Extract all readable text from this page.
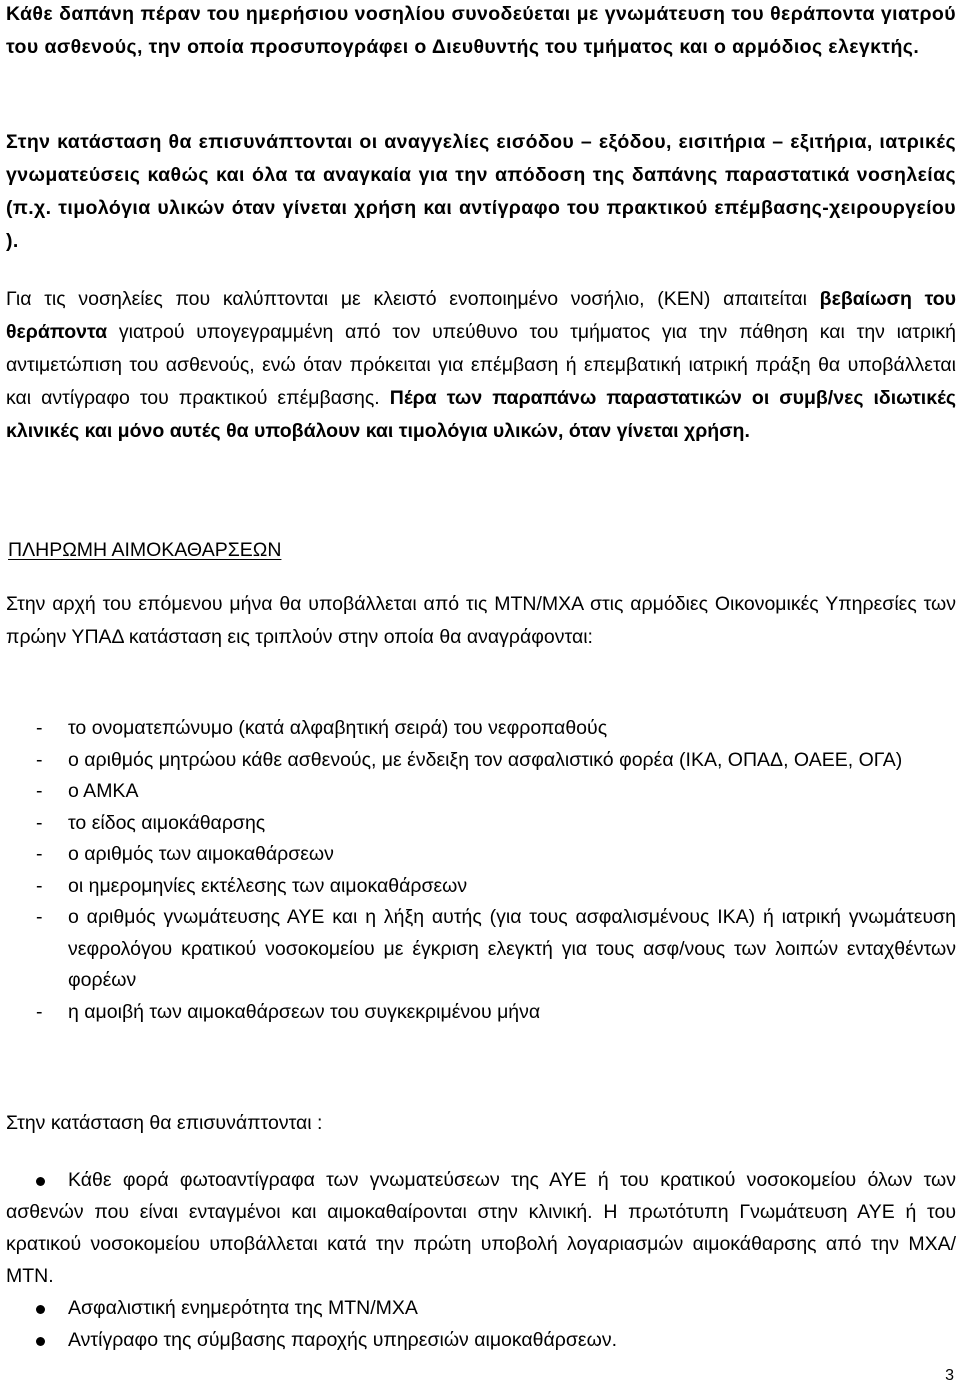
Κάθε δαπάνη πέραν του ημερήσιου νοσηλίου συνοδεύεται με γνωμάτευση του θεράποντα γιατρού του ασθενούς, την οποία προσυπογράφει ο Διευθυντής του τμήματος και ο αρμόδιος ελεγκτής.

Στην κατάσταση θα επισυνάπτονται οι αναγγελίες εισόδου – εξόδου, εισιτήρια – εξιτήρια, ιατρικές γνωματεύσεις καθώς και όλα τα αναγκαία για την απόδοση της δαπάνης παραστατικά νοσηλείας (π.χ. τιμολόγια υλικών όταν γίνεται χρήση και αντίγραφο του πρακτικού επέμβασης-χειρουργείου ).

Για τις νοσηλείες που καλύπτονται με κλειστό ενοποιημένο νοσήλιο, (ΚΕΝ) απαιτείται βεβαίωση του θεράποντα γιατρού υπογεγραμμένη από τον υπεύθυνο του τμήματος για την πάθηση και την ιατρική αντιμετώπιση του ασθενούς, ενώ όταν πρόκειται για επέμβαση ή επεμβατική ιατρική πράξη θα υποβάλλεται και αντίγραφο του πρακτικού επέμβασης. Πέρα των παραπάνω παραστατικών οι συμβ/νες ιδιωτικές κλινικές και μόνο αυτές θα υποβάλουν και τιμολόγια υλικών, όταν γίνεται χρήση.

ΠΛΗΡΩΜΗ ΑΙΜΟΚΑΘΑΡΣΕΩΝ

Στην αρχή του επόμενου μήνα θα υποβάλλεται από τις ΜΤΝ/ΜΧΑ στις αρμόδιες Οικονομικές Υπηρεσίες των πρώην ΥΠΑΔ κατάσταση εις τριπλούν στην οποία θα αναγράφονται:

- το ονοματεπώνυμο (κατά αλφαβητική σειρά) του νεφροπαθούς
- ο αριθμός μητρώου κάθε ασθενούς, με ένδειξη τον ασφαλιστικό φορέα (ΙΚΑ, ΟΠΑΔ, ΟΑΕΕ, ΟΓΑ)
- ο ΑΜΚΑ
- το είδος αιμοκάθαρσης
- ο αριθμός των αιμοκαθάρσεων
- οι ημερομηνίες εκτέλεσης των αιμοκαθάρσεων
- ο αριθμός γνωμάτευσης ΑΥΕ και η λήξη αυτής (για τους ασφαλισμένους ΙΚΑ) ή ιατρική γνωμάτευση νεφρολόγου κρατικού νοσοκομείου με έγκριση ελεγκτή για τους ασφ/νους των λοιπών ενταχθέντων φορέων
- η αμοιβή των αιμοκαθάρσεων του συγκεκριμένου μήνα

Στην κατάσταση θα επισυνάπτονται :

Κάθε φορά φωτοαντίγραφα των γνωματεύσεων της ΑΥΕ ή του κρατικού νοσοκομείου όλων των ασθενών που είναι ενταγμένοι και αιμοκαθαίρονται στην κλινική. Η πρωτότυπη Γνωμάτευση ΑΥΕ ή του κρατικού νοσοκομείου υποβάλλεται κατά την πρώτη υποβολή λογαριασμών αιμοκάθαρσης από την ΜΧΑ/ΜΤΝ.
Ασφαλιστική ενημερότητα της ΜΤΝ/ΜΧΑ
Αντίγραφο της σύμβασης παροχής υπηρεσιών αιμοκαθάρσεων.
3
